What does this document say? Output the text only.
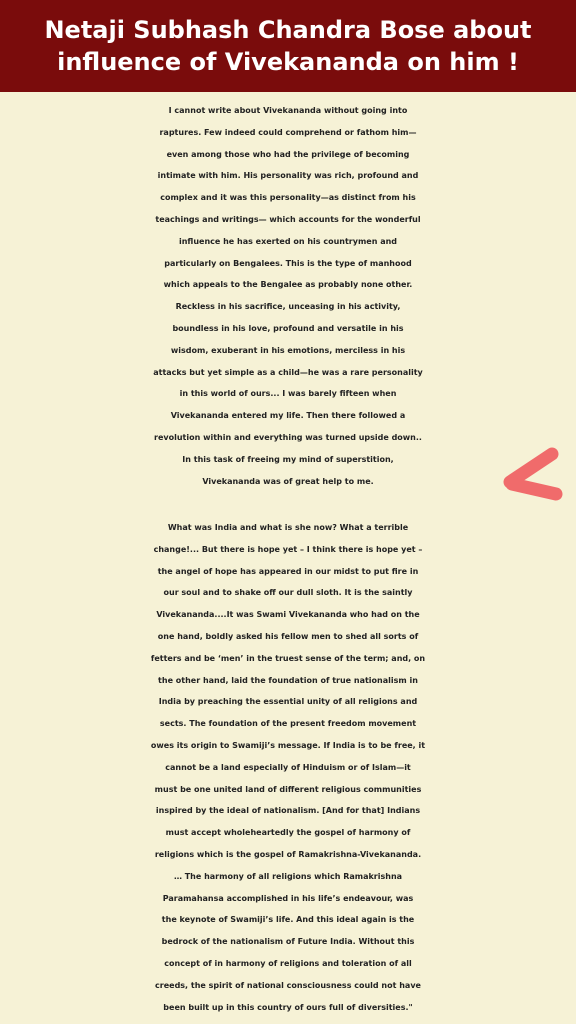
Netaji Subhash Chandra Bose about
influence of Vivekananda on him !
I cannot write about Vivekananda without going into
raptures. Few indeed could comprehend or fathom him—
even among those who had the privilege of becoming
intimate with him. His personality was rich, profound and
complex and it was this personality—as distinct from his
teachings and writings— which accounts for the wonderful
influence he has exerted on his countrymen and
particularly on Bengalees. This is the type of manhood
which appeals to the Bengalee as probably none other.
Reckless in his sacrifice, unceasing in his activity,
boundless in his love, profound and versatile in his
wisdom, exuberant in his emotions, merciless in his
attacks but yet simple as a child—he was a rare personality
in this world of ours... I was barely fifteen when
Vivekananda entered my life. Then there followed a
revolution within and everything was turned upside down..
In this task of freeing my mind of superstition,
Vivekananda was of great help to me.
What was India and what is she now? What a terrible
change!... But there is hope yet – I think there is hope yet –
the angel of hope has appeared in our midst to put fire in
our soul and to shake off our dull sloth. It is the saintly
Vivekananda....It was Swami Vivekananda who had on the
one hand, boldly asked his fellow men to shed all sorts of
fetters and be ‘men’ in the truest sense of the term; and, on
the other hand, laid the foundation of true nationalism in
India by preaching the essential unity of all religions and
sects. The foundation of the present freedom movement
owes its origin to Swamiji’s message. If India is to be free, it
cannot be a land especially of Hinduism or of Islam—it
must be one united land of different religious communities
inspired by the ideal of nationalism. [And for that] Indians
must accept wholeheartedly the gospel of harmony of
religions which is the gospel of Ramakrishna-Vivekananda.
… The harmony of all religions which Ramakrishna
Paramahansa accomplished in his life’s endeavour, was
the keynote of Swamiji’s life. And this ideal again is the
bedrock of the nationalism of Future India. Without this
concept of in harmony of religions and toleration of all
creeds, the spirit of national consciousness could not have
been built up in this country of ours full of diversities."
